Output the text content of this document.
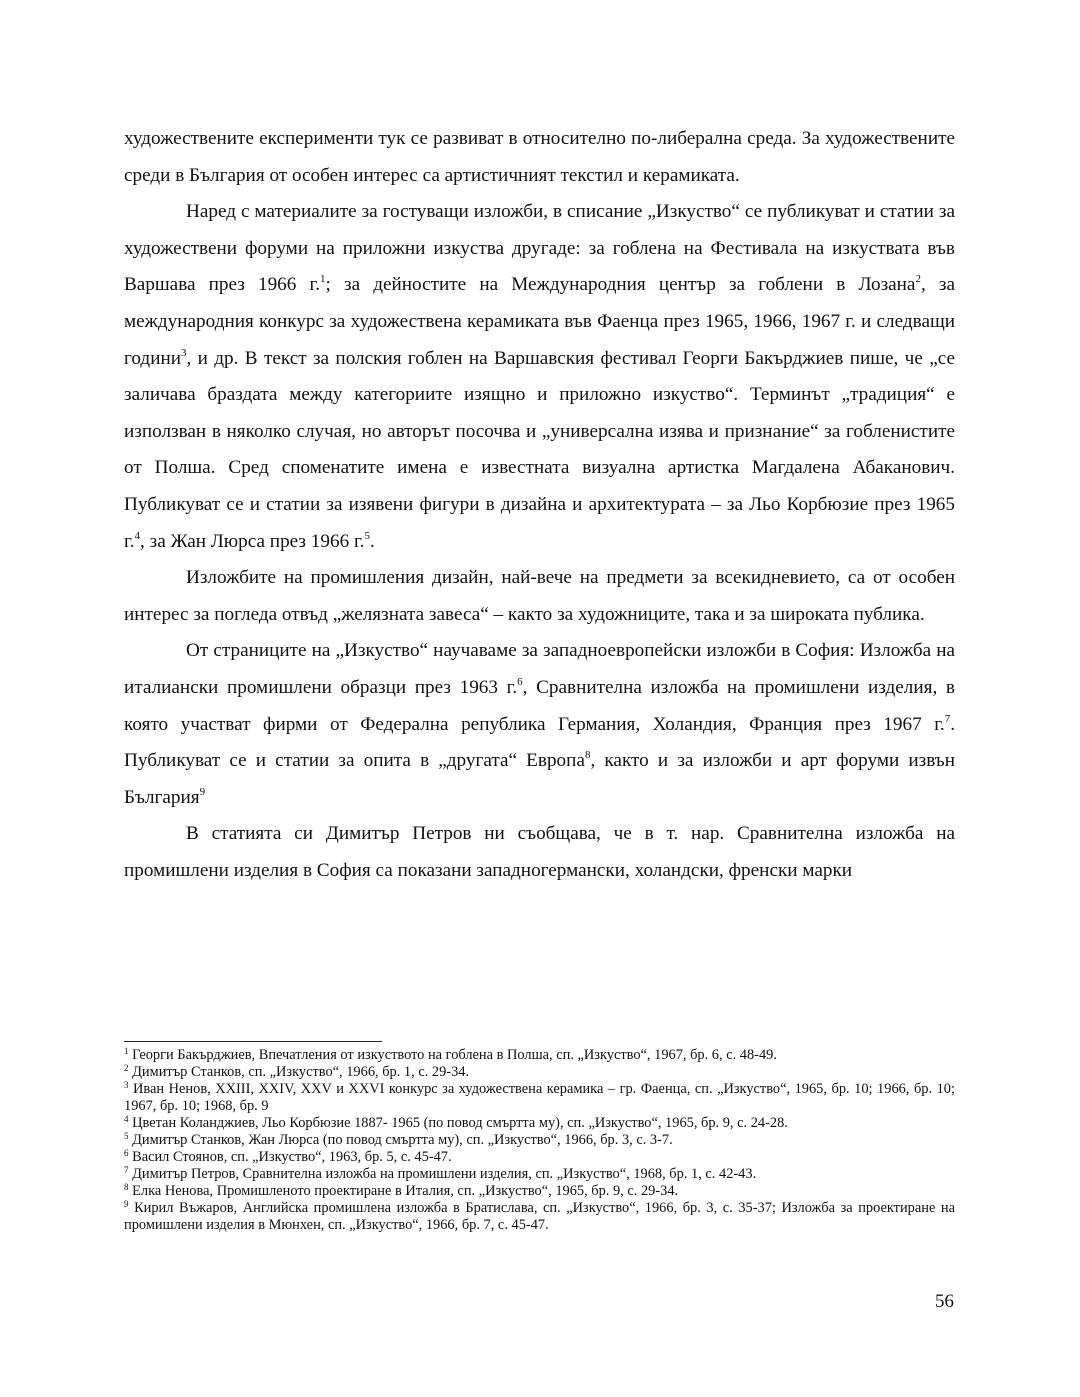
художествените експерименти тук се развиват в относително по-либерална среда. За художествените среди в България от особен интерес са артистичният текстил и керамиката.

Наред с материалите за гостуващи изложби, в списание „Изкуство“ се публикуват и статии за художествени форуми на приложни изкуства другаде: за гоблена на Фестивала на изкуствата във Варшава през 1966 г.$^1$; за дейностите на Международния център за гоблени в Лозана$^2$, за международния конкурс за художествена керамиката във Фаенца през 1965, 1966, 1967 г. и следващи години$^3$, и др. В текст за полския гоблен на Варшавския фестивал Георги Бакърджиев пише, че „се заличава браздата между категориите изящно и приложно изкуство“. Терминът „традиция“ е използван в няколко случая, но авторът посочва и „универсална изява и признание“ за гобленистите от Полша. Сред споменатите имена е известната визуална артистка Магдалена Абаканович. Публикуват се и статии за изявени фигури в дизайна и архитектурата – за Льо Корбюзие през 1965 г.$^4$, за Жан Люрса през 1966 г.$^5$.

Изложбите на промишления дизайн, най-вече на предмети за всекидневието, са от особен интерес за погледа отвъд „желязната завеса“ – както за художниците, така и за широката публика.

От страниците на „Изкуство“ научаваме за западноевропейски изложби в София: Изложба на италиански промишлени образци през 1963 г.$^6$, Сравнителна изложба на промишлени изделия, в която участват фирми от Федерална република Германия, Холандия, Франция през 1967 г.$^7$. Публикуват се и статии за опита в „другата“ Европа$^8$, както и за изложби и арт форуми извън България$^9$

В статията си Димитър Петров ни съобщава, че в т. нар. Сравнителна изложба на промишлени изделия в София са показани западногермански, холандски, френски марки

$^1$ Георги Бакърджиев, Впечатления от изкуството на гоблена в Полша, сп. „Изкуство“, 1967, бр. 6, с. 48-49.

$^2$ Димитър Станков, сп. „Изкуство“, 1966, бр. 1, с. 29-34.

$^3$ Иван Ненов, XXIII, XXIV, XXV и XXVI конкурс за художествена керамика – гр. Фаенца, сп. „Изкуство“, 1965, бр. 10; 1966, бр. 10; 1967, бр. 10; 1968, бр. 9

$^4$ Цветан Коланджиев, Льо Корбюзие 1887- 1965 (по повод смъртта му), сп. „Изкуство“, 1965, бр. 9, с. 24-28.

$^5$ Димитър Станков, Жан Люрса (по повод смъртта му), сп. „Изкуство“, 1966, бр. 3, с. 3-7.

$^6$ Васил Стоянов, сп. „Изкуство“, 1963, бр. 5, с. 45-47.

$^7$ Димитър Петров, Сравнителна изложба на промишлени изделия, сп. „Изкуство“, 1968, бр. 1, с. 42-43.

$^8$ Елка Ненова, Промишленото проектиране в Италия, сп. „Изкуство“, 1965, бр. 9, с. 29-34.

$^9$ Кирил Въжаров, Английска промишлена изложба в Братислава, сп. „Изкуство“, 1966, бр. 3, с. 35-37; Изложба за проектиране на промишлени изделия в Мюнхен, сп. „Изкуство“, 1966, бр. 7, с. 45-47.

56
